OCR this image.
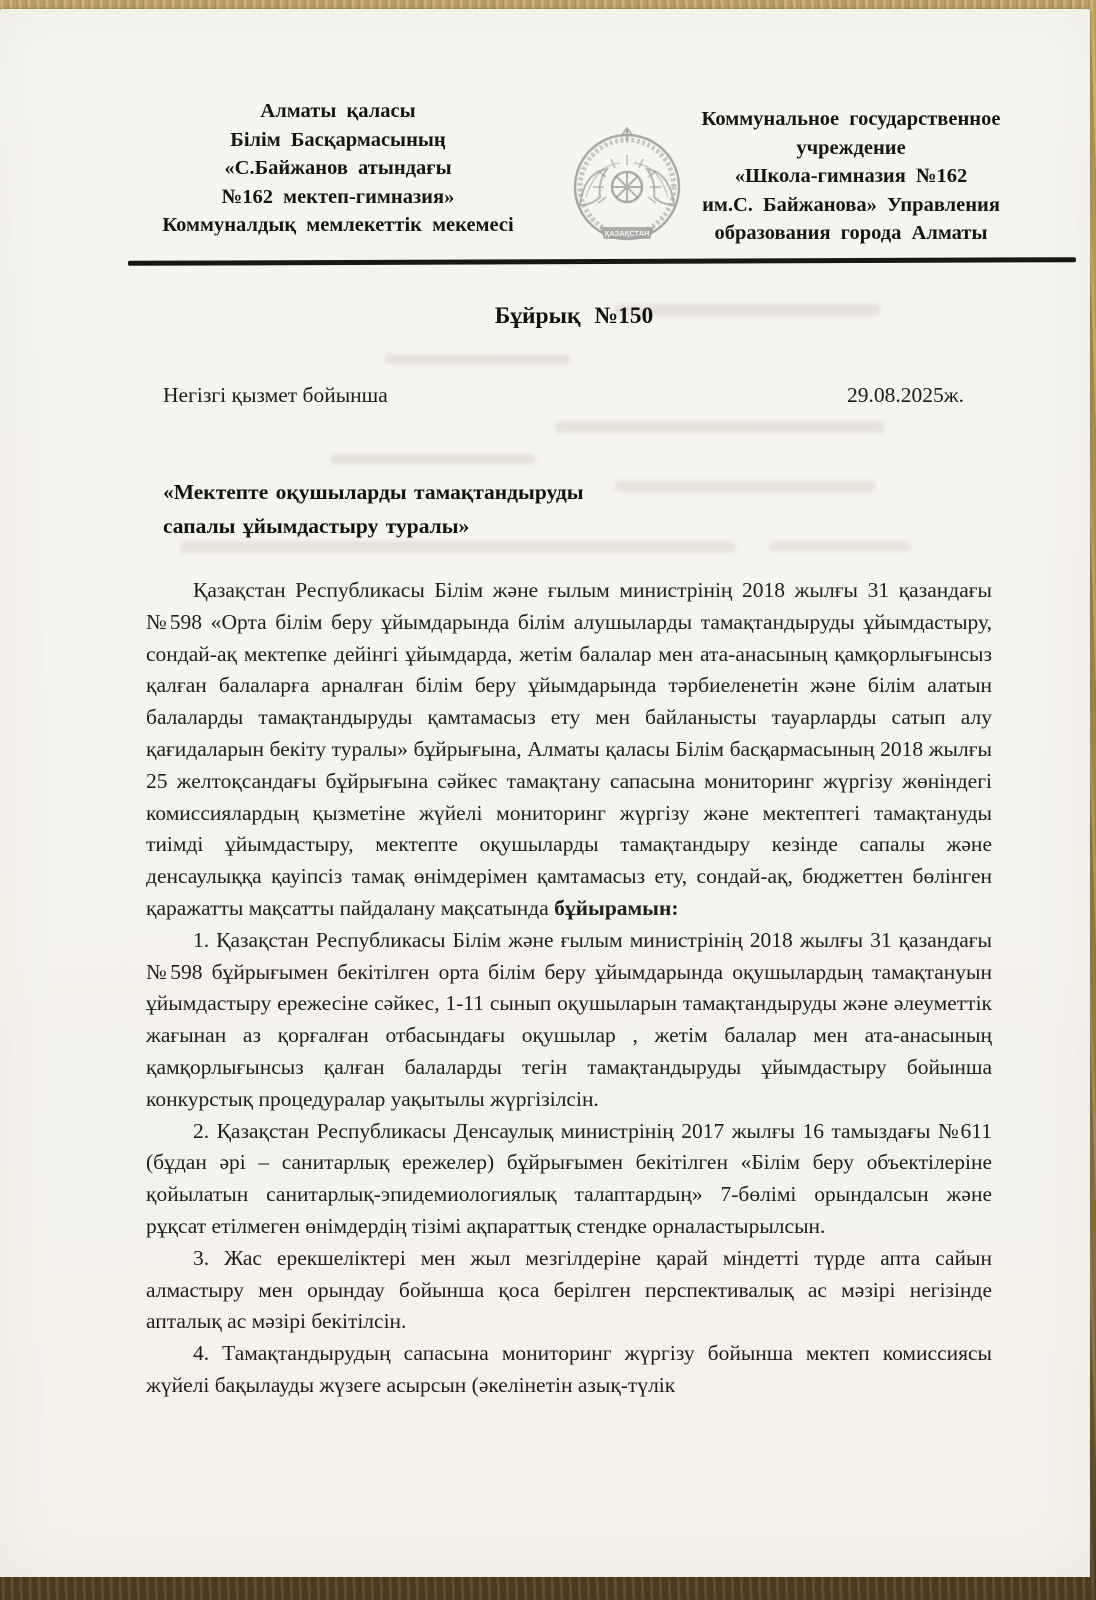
Алматы қаласы
Білім Басқармасының
«С.Байжанов атындағы
№162 мектеп-гимназия»
Коммуналдық мемлекеттік мекемесі	ҚАЗАҚСТАН
Коммунальное государственное
учреждение
«Школа-гимназия №162
им.С. Байжанова» Управления
образования города Алматы
Бұйрық №150
Негізгі қызмет бойынша	29.08.2025ж.
«Мектепте оқушыларды тамақтандыруды
сапалы ұйымдастыру туралы»

Қазақстан Республикасы Білім және ғылым министрінің 2018 жылғы 31 қазандағы №598 «Орта білім беру ұйымдарында білім алушыларды тамақтандыруды ұйымдастыру, сондай-ақ мектепке дейінгі ұйымдарда, жетім балалар мен ата-анасының қамқорлығынсыз қалған балаларға арналған білім беру ұйымдарында тәрбиеленетін және білім алатын балаларды тамақтандыруды қамтамасыз ету мен байланысты тауарларды сатып алу қағидаларын бекіту туралы» бұйрығына, Алматы қаласы Білім басқармасының 2018 жылғы 25 желтоқсандағы бұйрығына сәйкес тамақтану сапасына мониторинг жүргізу жөніндегі комиссиялардың қызметіне жүйелі мониторинг жүргізу және мектептегі тамақтануды тиімді ұйымдастыру, мектепте оқушыларды тамақтандыру кезінде сапалы және денсаулыққа қауіпсіз тамақ өнімдерімен қамтамасыз ету, сондай-ақ, бюджеттен бөлінген қаражатты мақсатты пайдалану мақсатында бұйырамын:

1. Қазақстан Республикасы Білім және ғылым министрінің 2018 жылғы 31 қазандағы №598 бұйрығымен бекітілген орта білім беру ұйымдарында оқушылардың тамақтануын ұйымдастыру ережесіне сәйкес, 1-11 сынып оқушыларын тамақтандыруды және әлеуметтік жағынан аз қорғалған отбасындағы оқушылар , жетім балалар мен ата-анасының қамқорлығынсыз қалған балаларды тегін тамақтандыруды ұйымдастыру бойынша конкурстық процедуралар уақытылы жүргізілсін.

2. Қазақстан Республикасы Денсаулық министрінің 2017 жылғы 16 тамыздағы №611 (бұдан әрі – санитарлық ережелер) бұйрығымен бекітілген «Білім беру объектілеріне қойылатын санитарлық-эпидемиологиялық талаптардың» 7-бөлімі орындалсын және рұқсат етілмеген өнімдердің тізімі ақпараттық стендке орналастырылсын.

3. Жас ерекшеліктері мен жыл мезгілдеріне қарай міндетті түрде апта сайын алмастыру мен орындау бойынша қоса берілген перспективалық ас мәзірі негізінде апталық ас мәзірі бекітілсін.

4. Тамақтандырудың сапасына мониторинг жүргізу бойынша мектеп комиссиясы жүйелі бақылауды жүзеге асырсын (әкелінетін азық-түлік
